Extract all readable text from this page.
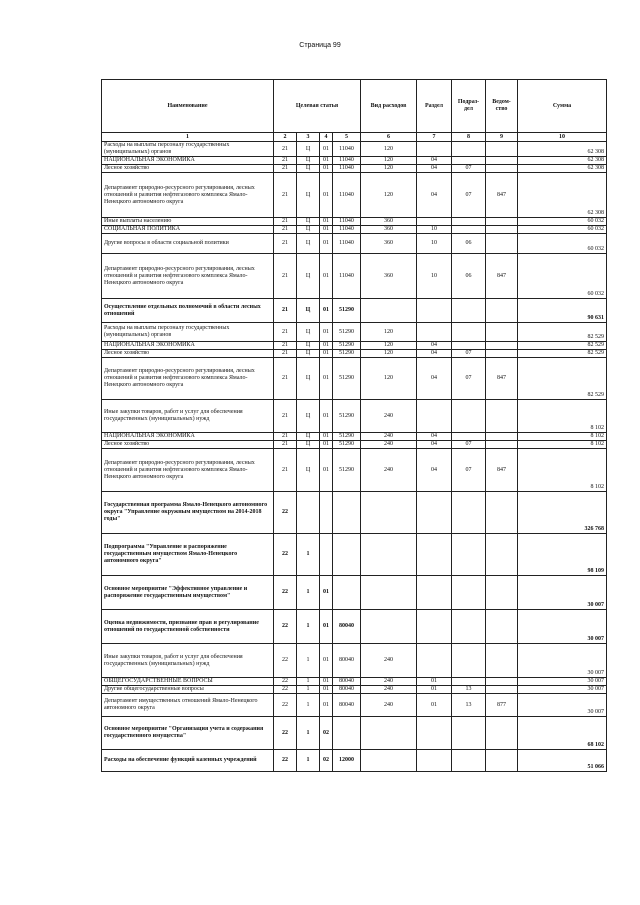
Страница 99
Наименование	Целевая статья				Вид расходов	Раздел	Подраз-дел	Ведом-ство	Сумма
1	2	3	4	5	6	7	8	9	10
Расходы на выплаты персоналу государственных (муниципальных) органов	21	Ц	01	11040	120				62 308
НАЦИОНАЛЬНАЯ ЭКОНОМИКА	21	Ц	01	11040	120	04			62 308
Лесное хозяйство	21	Ц	01	11040	120	04	07		62 308
Департамент природно-ресурсного регулирования, лесных отношений и развития нефтегазового комплекса Ямало-Ненецкого автономного округа	21	Ц	01	11040	120	04	07	847	62 308
Иные выплаты населению	21	Ц	01	11040	360				60 032
СОЦИАЛЬНАЯ ПОЛИТИКА	21	Ц	01	11040	360	10			60 032
Другие вопросы в области социальной политики	21	Ц	01	11040	360	10	06		60 032
Департамент природно-ресурсного регулирования, лесных отношений и развития нефтегазового комплекса Ямало-Ненецкого автономного округа	21	Ц	01	11040	360	10	06	847	60 032
Осуществление отдельных полномочий в области лесных отношений	21	Ц	01	51290					90 631
Расходы на выплаты персоналу государственных (муниципальных) органов	21	Ц	01	51290	120				82 529
НАЦИОНАЛЬНАЯ ЭКОНОМИКА	21	Ц	01	51290	120	04			82 529
Лесное хозяйство	21	Ц	01	51290	120	04	07		82 529
Департамент природно-ресурсного регулирования, лесных отношений и развития нефтегазового комплекса Ямало-Ненецкого автономного округа	21	Ц	01	51290	120	04	07	847	82 529
Иные закупки товаров, работ и услуг для обеспечения государственных (муниципальных) нужд	21	Ц	01	51290	240				8 102
НАЦИОНАЛЬНАЯ ЭКОНОМИКА	21	Ц	01	51290	240	04			8 102
Лесное хозяйство	21	Ц	01	51290	240	04	07		8 102
Департамент природно-ресурсного регулирования, лесных отношений и развития нефтегазового комплекса Ямало-Ненецкого автономного округа	21	Ц	01	51290	240	04	07	847	8 102
Государственная программа Ямало-Ненецкого автономного округа "Управление окружным имуществом на 2014-2018 годы"	22								326 768
Подпрограмма "Управление и распоряжение государственным имуществом Ямало-Ненецкого автономного округа"	22	1							98 109
Основное мероприятие "Эффективное управление и распоряжение государственным имуществом"	22	1	01						30 007
Оценка недвижимости, признание прав и регулирование отношений по государственной собственности	22	1	01	80040					30 007
Иные закупки товаров, работ и услуг для обеспечения государственных (муниципальных) нужд	22	1	01	80040	240				30 007
ОБЩЕГОСУДАРСТВЕННЫЕ ВОПРОСЫ	22	1	01	80040	240	01			30 007
Другие общегосударственные вопросы	22	1	01	80040	240	01	13		30 007
Департамент имущественных отношений Ямало-Ненецкого автономного округа	22	1	01	80040	240	01	13	877	30 007
Основное мероприятие "Организация учета и содержания государственного имущества"	22	1	02						68 102
Расходы на обеспечение функций казенных учреждений	22	1	02	12000					51 066
